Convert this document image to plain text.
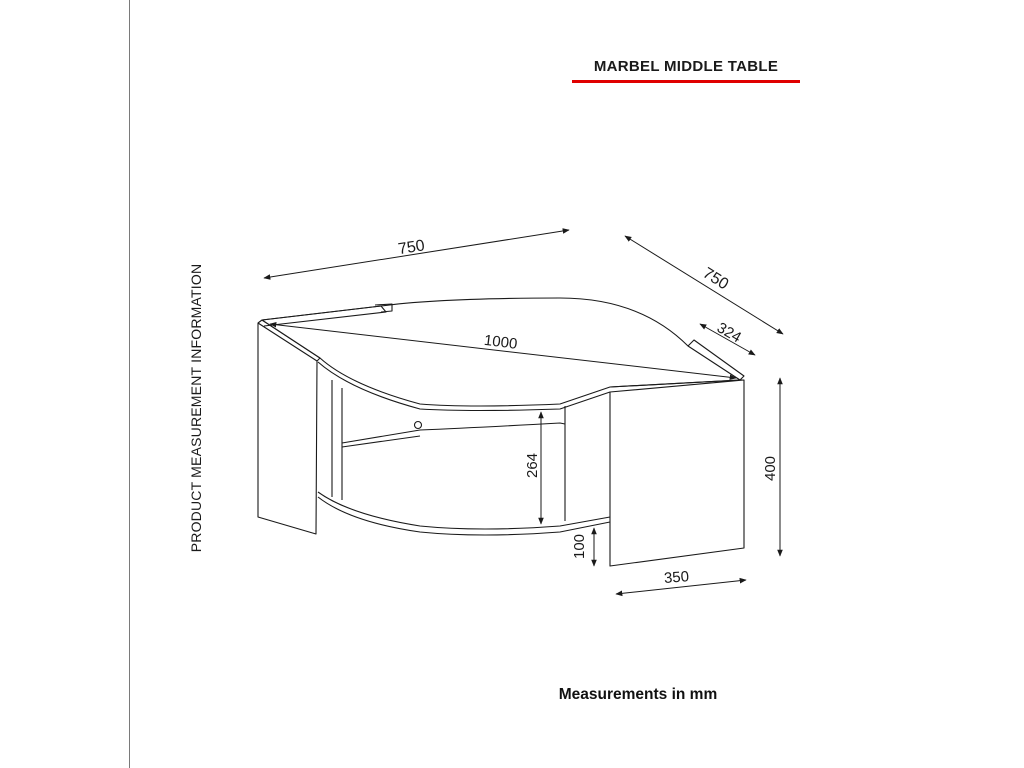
MARBEL MIDDLE TABLE
PRODUCT MEASUREMENT INFORMATION
750
750
1000	324
264	400
100
350
Measurements in mm
